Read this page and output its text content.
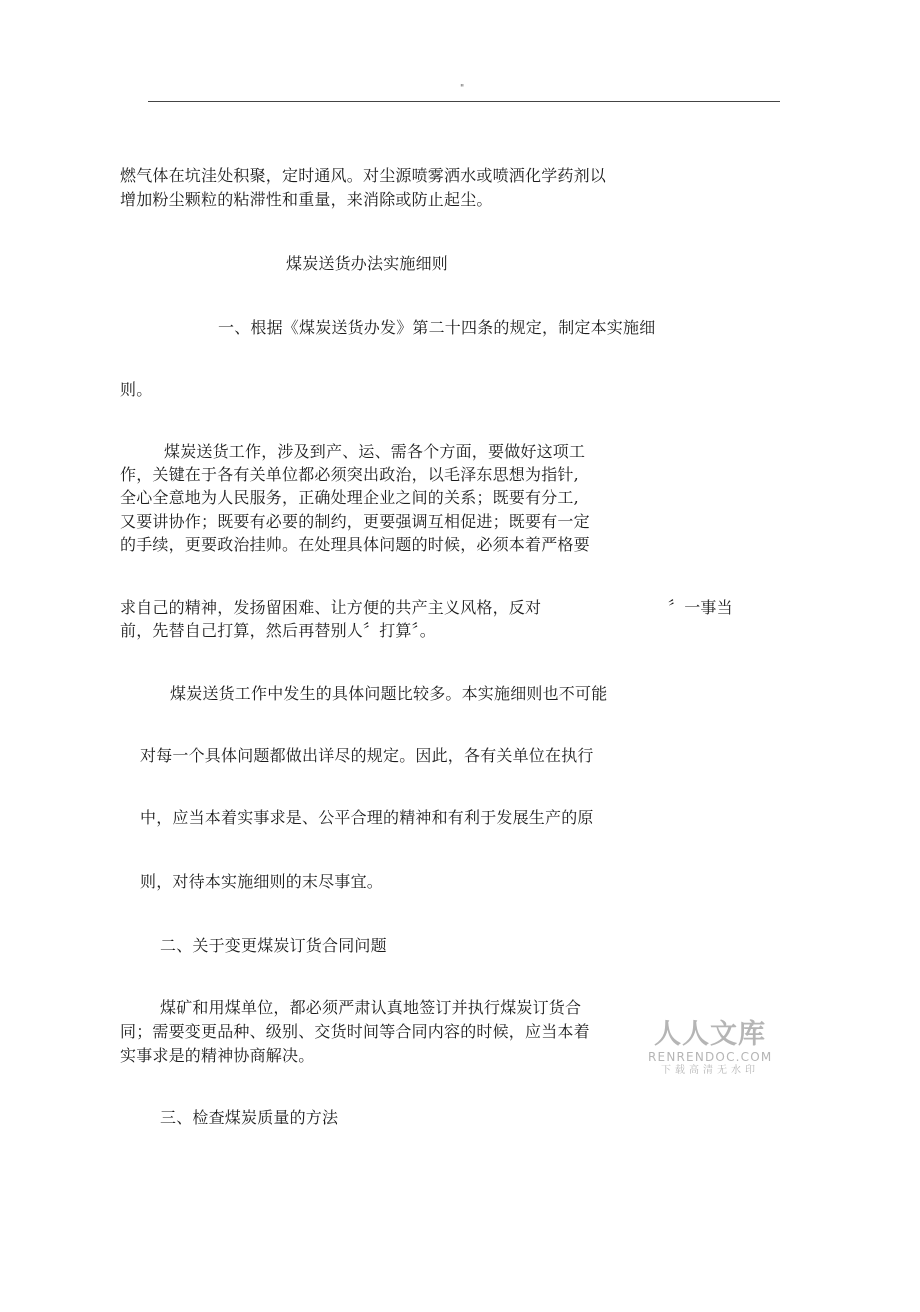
"
燃气体在坑洼处积聚，定时通风。对尘源喷雾洒水或喷洒化学药剂以
增加粉尘颗粒的粘滞性和重量，来消除或防止起尘。
煤炭送货办法实施细则
一、根据《煤炭送货办发》第二十四条的规定，制定本实施细
则。
煤炭送货工作，涉及到产、运、需各个方面，要做好这项工
作，关键在于各有关单位都必须突出政治，以毛泽东思想为指针,
全心全意地为人民服务，正确处理企业之间的关系；既要有分工,
又要讲协作；既要有必要的制约，更要强调互相促进；既要有一定
的手续，更要政治挂帅。在处理具体问题的时候，必须本着严格要
求自己的精神，发扬留困难、让方便的共产主义风格，反对	〞一事当
前，先替自己打算，然后再替别人〞打算〞。
煤炭送货工作中发生的具体问题比较多。本实施细则也不可能
对每一个具体问题都做出详尽的规定。因此，各有关单位在执行
中，应当本着实事求是、公平合理的精神和有利于发展生产的原
则，对待本实施细则的末尽事宜。
二、关于变更煤炭订货合同问题
煤矿和用煤单位，都必须严肃认真地签订并执行煤炭订货合
同；需要变更品种、级别、交货时间等合同内容的时候，应当本着
实事求是的精神协商解决。
三、检查煤炭质量的方法
人人文库
RENRENDOC.COM
下载高清无水印
